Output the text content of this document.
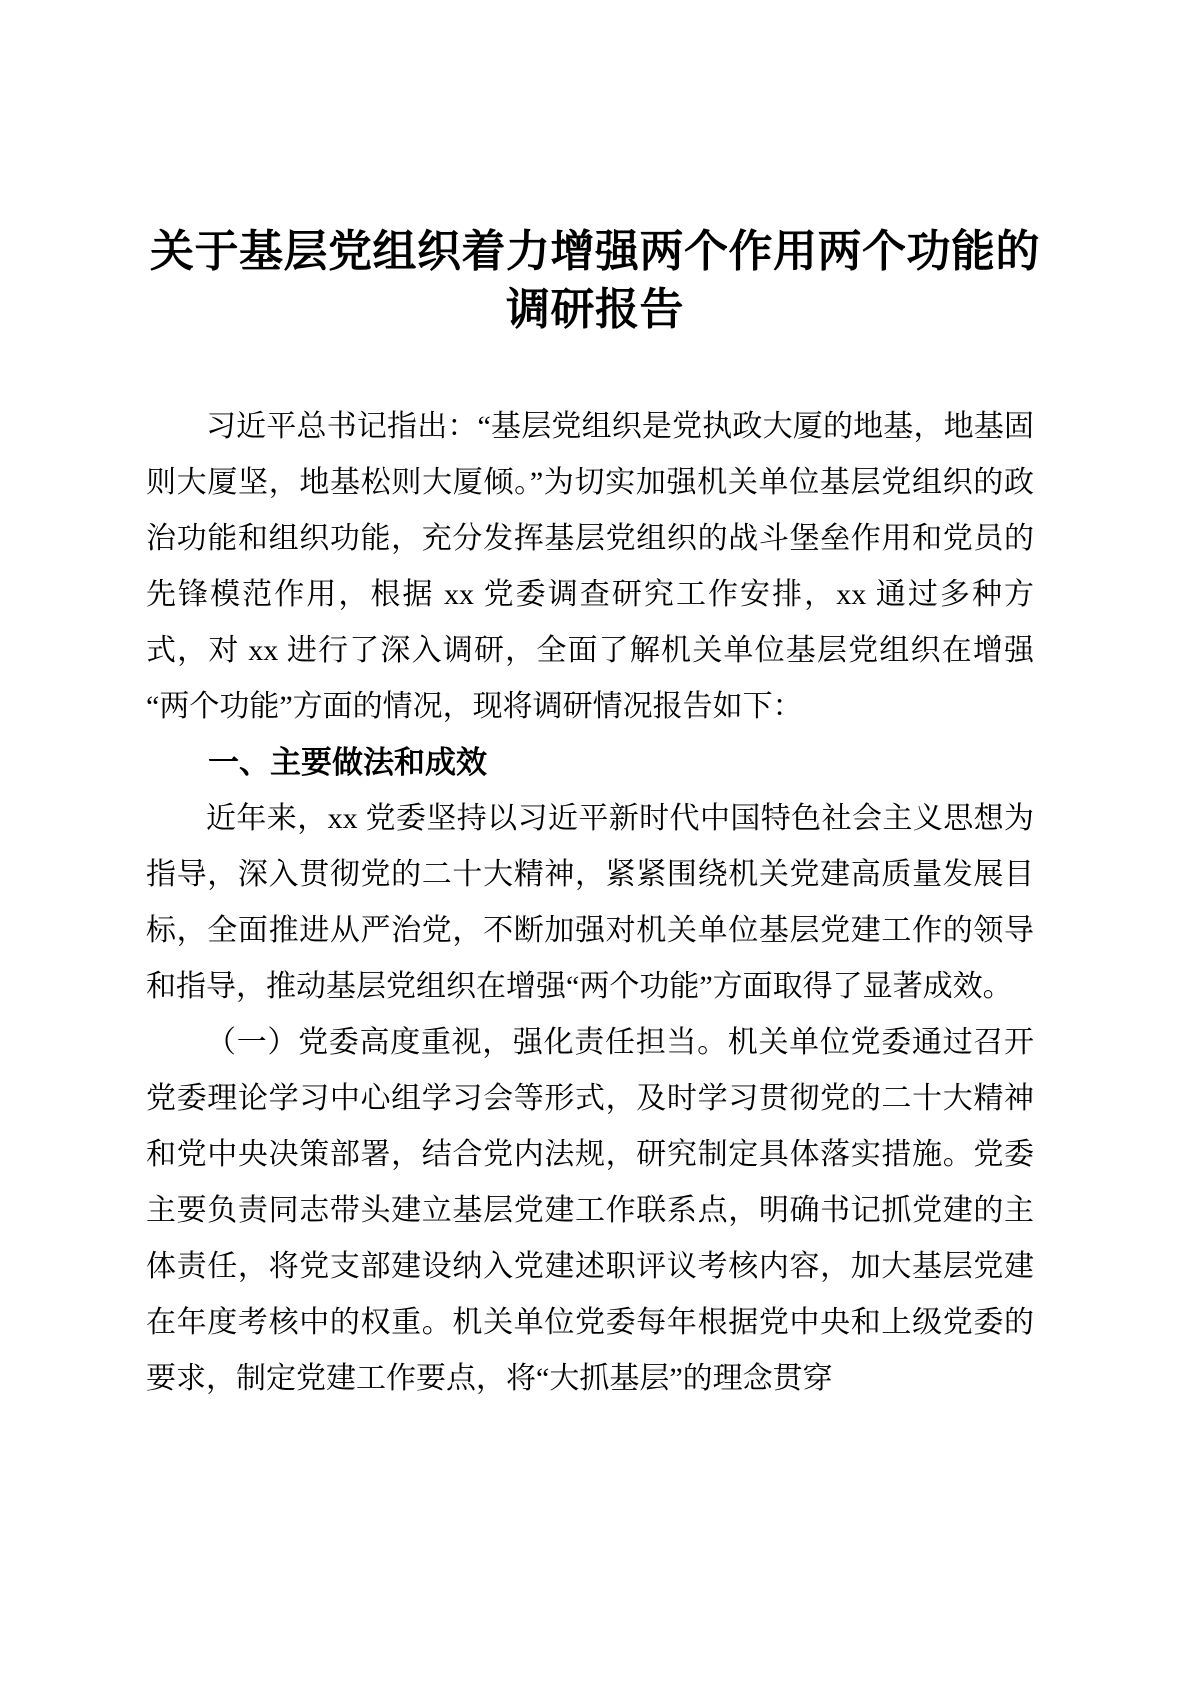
关于基层党组织着力增强两个作用两个功能的调研报告

习近平总书记指出：“基层党组织是党执政大厦的地基，地基固则大厦坚，地基松则大厦倾。”为切实加强机关单位基层党组织的政治功能和组织功能，充分发挥基层党组织的战斗堡垒作用和党员的先锋模范作用，根据 xx 党委调查研究工作安排，xx 通过多种方式，对 xx 进行了深入调研，全面了解机关单位基层党组织在增强“两个功能”方面的情况，现将调研情况报告如下：

一、主要做法和成效

近年来，xx 党委坚持以习近平新时代中国特色社会主义思想为指导，深入贯彻党的二十大精神，紧紧围绕机关党建高质量发展目标，全面推进从严治党，不断加强对机关单位基层党建工作的领导和指导，推动基层党组织在增强“两个功能”方面取得了显著成效。

（一）党委高度重视，强化责任担当。机关单位党委通过召开党委理论学习中心组学习会等形式，及时学习贯彻党的二十大精神和党中央决策部署，结合党内法规，研究制定具体落实措施。党委主要负责同志带头建立基层党建工作联系点，明确书记抓党建的主体责任，将党支部建设纳入党建述职评议考核内容，加大基层党建在年度考核中的权重。机关单位党委每年根据党中央和上级党委的要求，制定党建工作要点，将“大抓基层”的理念贯穿
